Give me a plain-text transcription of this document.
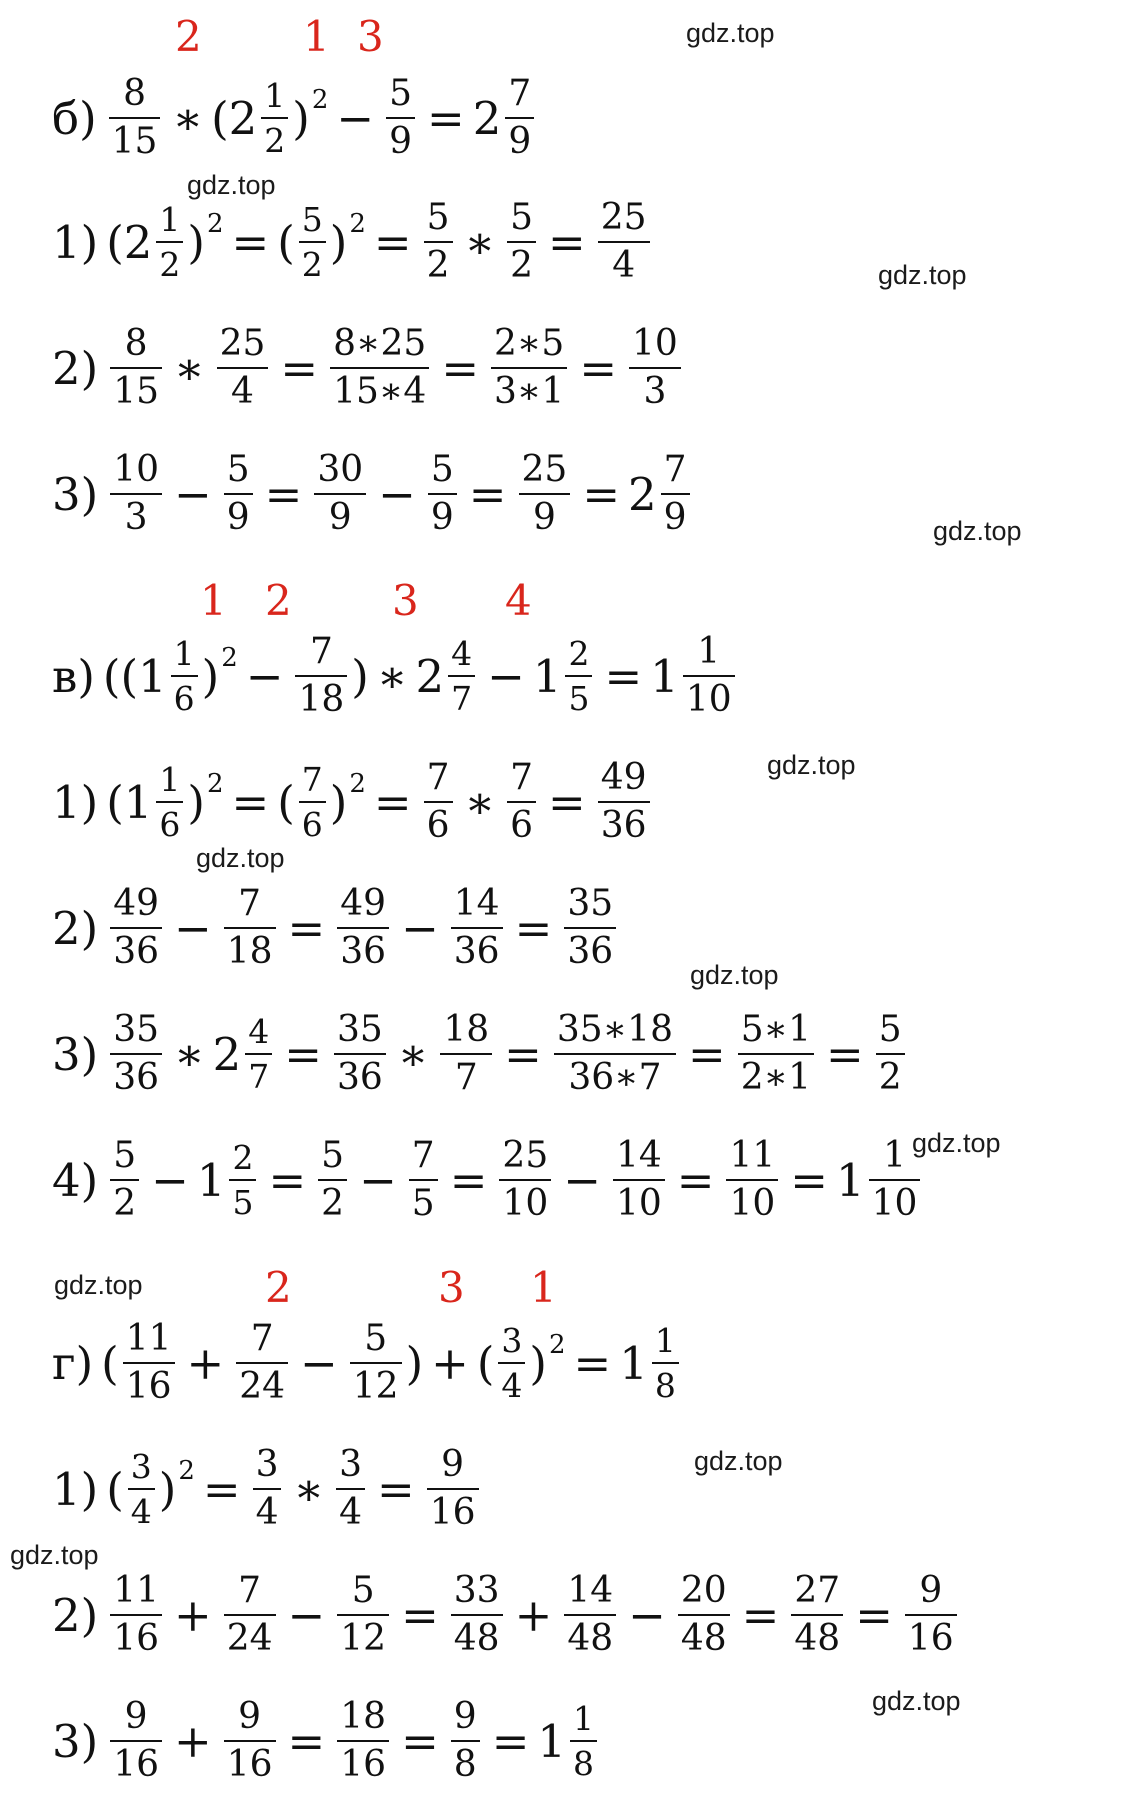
gdz.top
gdz.top
gdz.top
gdz.top
gdz.top
gdz.top
gdz.top
gdz.top
gdz.top
gdz.top
gdz.top
gdz.top
2 1 3
1 2 3 4
2	3 1
$б) \frac{8}{15}$ ∗ ( $2 \frac{1}{2}$ ) $2 - \frac{5}{9} = 2 \frac{7}{9}$
1) ( $2 \frac{1}{2}$ ) 2 = ( $\frac{5}{2}$ ) $2 = \frac{5}{2}$ ∗ $\frac{5}{2} = \frac{25}{4}$
$2) \frac{8}{15}$ ∗ $\frac{25}{4} = \frac{8∗25}{15∗4} = \frac{2∗5}{3∗1} = \frac{10}{3}$
$3) \frac{10}{3} - \frac{5}{9} = \frac{30}{9} - \frac{5}{9} = \frac{25}{9} = 2 \frac{7}{9}$
в) (( $1 \frac{1}{6}$ ) $2 - \frac{7}{18}$ ) ∗ $2 \frac{4}{7} - 1 \frac{2}{5} = 1 \frac{1}{10}$
1) ( $1 \frac{1}{6}$ ) 2 = ( $\frac{7}{6}$ ) $2 = \frac{7}{6}$ ∗ $\frac{7}{6} = \frac{49}{36}$
$2) \frac{49}{36} - \frac{7}{18} = \frac{49}{36} - \frac{14}{36} = \frac{35}{36}$
$3) \frac{35}{36}$ ∗ $2 \frac{4}{7} = \frac{35}{36}$ ∗ $\frac{18}{7} = \frac{35∗18}{36∗7} = \frac{5∗1}{2∗1} = \frac{5}{2}$
$4) \frac{5}{2} - 1 \frac{2}{5} = \frac{5}{2} - \frac{7}{5} = \frac{25}{10} - \frac{14}{10} = \frac{11}{10} = 1 \frac{1}{10}$
г) ( $\frac{11}{16} + \frac{7}{24} - \frac{5}{12}$ ) + ( $\frac{3}{4}$ ) $2 = 1 \frac{1}{8}$
1) ( $\frac{3}{4}$ ) $2 = \frac{3}{4}$ ∗ $\frac{3}{4} = \frac{9}{16}$
$2) \frac{11}{16} + \frac{7}{24} - \frac{5}{12} = \frac{33}{48} + \frac{14}{48} - \frac{20}{48} = \frac{27}{48} = \frac{9}{16}$
$3) \frac{9}{16} + \frac{9}{16} = \frac{18}{16} = \frac{9}{8} = 1 \frac{1}{8}$
